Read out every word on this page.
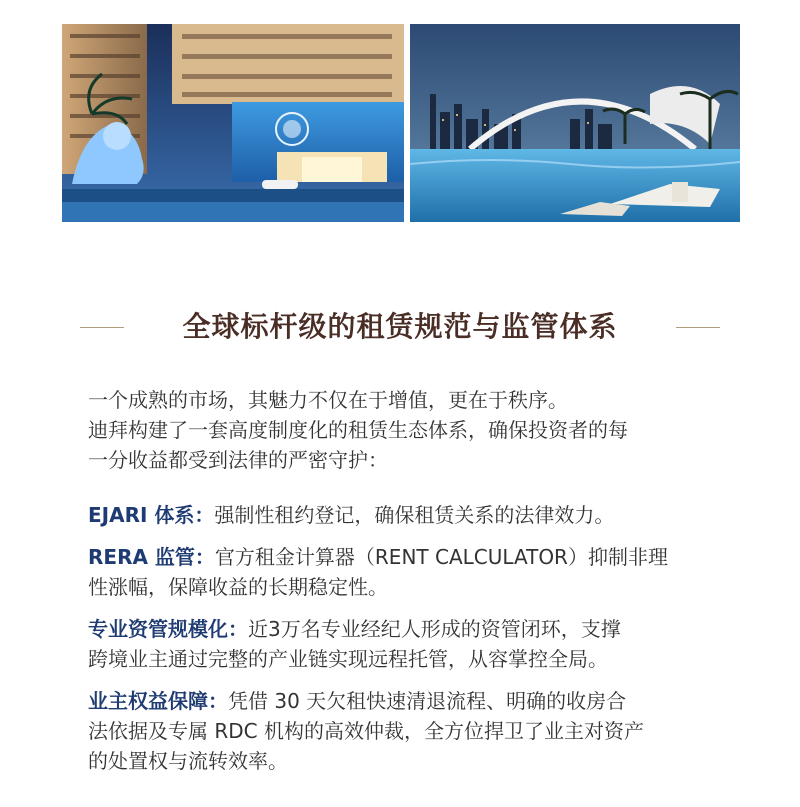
全球标杆级的租赁规范与监管体系
一个成熟的市场，其魅力不仅在于增值，更在于秩序。
迪拜构建了一套高度制度化的租赁生态体系，确保投资者的每
一分收益都受到法律的严密守护：
EJARI 体系：强制性租约登记，确保租赁关系的法律效力。
RERA 监管：官方租金计算器（RENT CALCULATOR）抑制非理
性涨幅，保障收益的长期稳定性。
专业资管规模化：近3万名专业经纪人形成的资管闭环，支撑
跨境业主通过完整的产业链实现远程托管，从容掌控全局。
业主权益保障：凭借 30 天欠租快速清退流程、明确的收房合
法依据及专属 RDC 机构的高效仲裁，全方位捍卫了业主对资产
的处置权与流转效率。
